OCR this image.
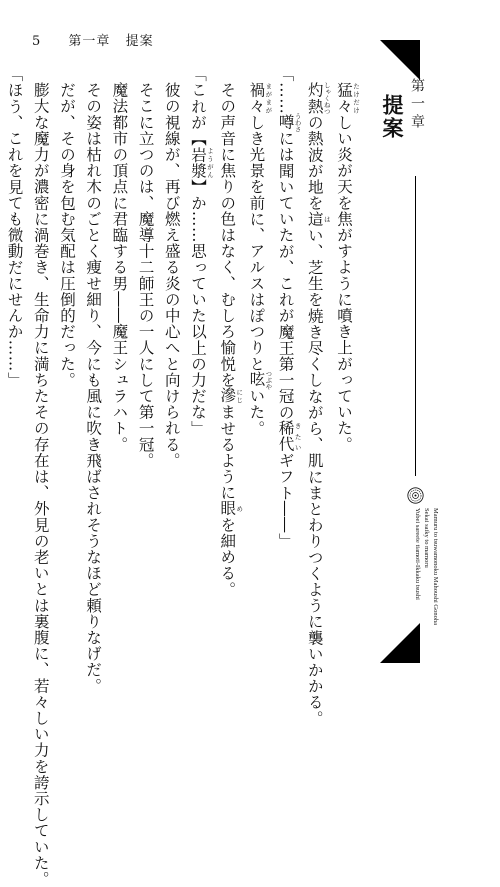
5 第一章 提案

猛々 たけだけしい炎が天を焦がすように噴き上がっていた。

灼熱 しゃくねつの熱波が地を這 はい、芝生を焼き尽くしながら、肌にまとわりつくように襲いかかる。

「……噂 うわさには聞いていたが、これが魔王第一冠の稀代 きたいギフト――」

禍々 まがまがしき光景を前に、アルスはぽつりと呟 つぶやいた。

その声音に焦りの色はなく、むしろ愉悦を滲 にじませるように眼 めを細める。

「これが【岩漿 ようがん】か……思っていた以上の力だな」

彼の視線が、再び燃え盛る炎の中心へと向けられる。

そこに立つのは、魔導十二師王の一人にして第一冠。

魔法都市の頂点に君臨する男――魔王シュラハト。

その姿は枯れ木のごとく痩せ細り、今にも風に吹き飛ばされそうなほど頼りなげだ。

だが、その身を包む気配は圧倒的だった。

膨大な魔力が濃密に渦巻き、生命力に満ちたその存在は、外見の老いとは裏腹に、若々しい力を誇示していた。

「ほう、これを見ても微動だにせんか……」	第一章
提案
Mamuru to tsuwamonoku Mahoushi Gonoha
Sekai saiky to mamoru
Yubei sareete tiamoti-Ikkaku tsushi
